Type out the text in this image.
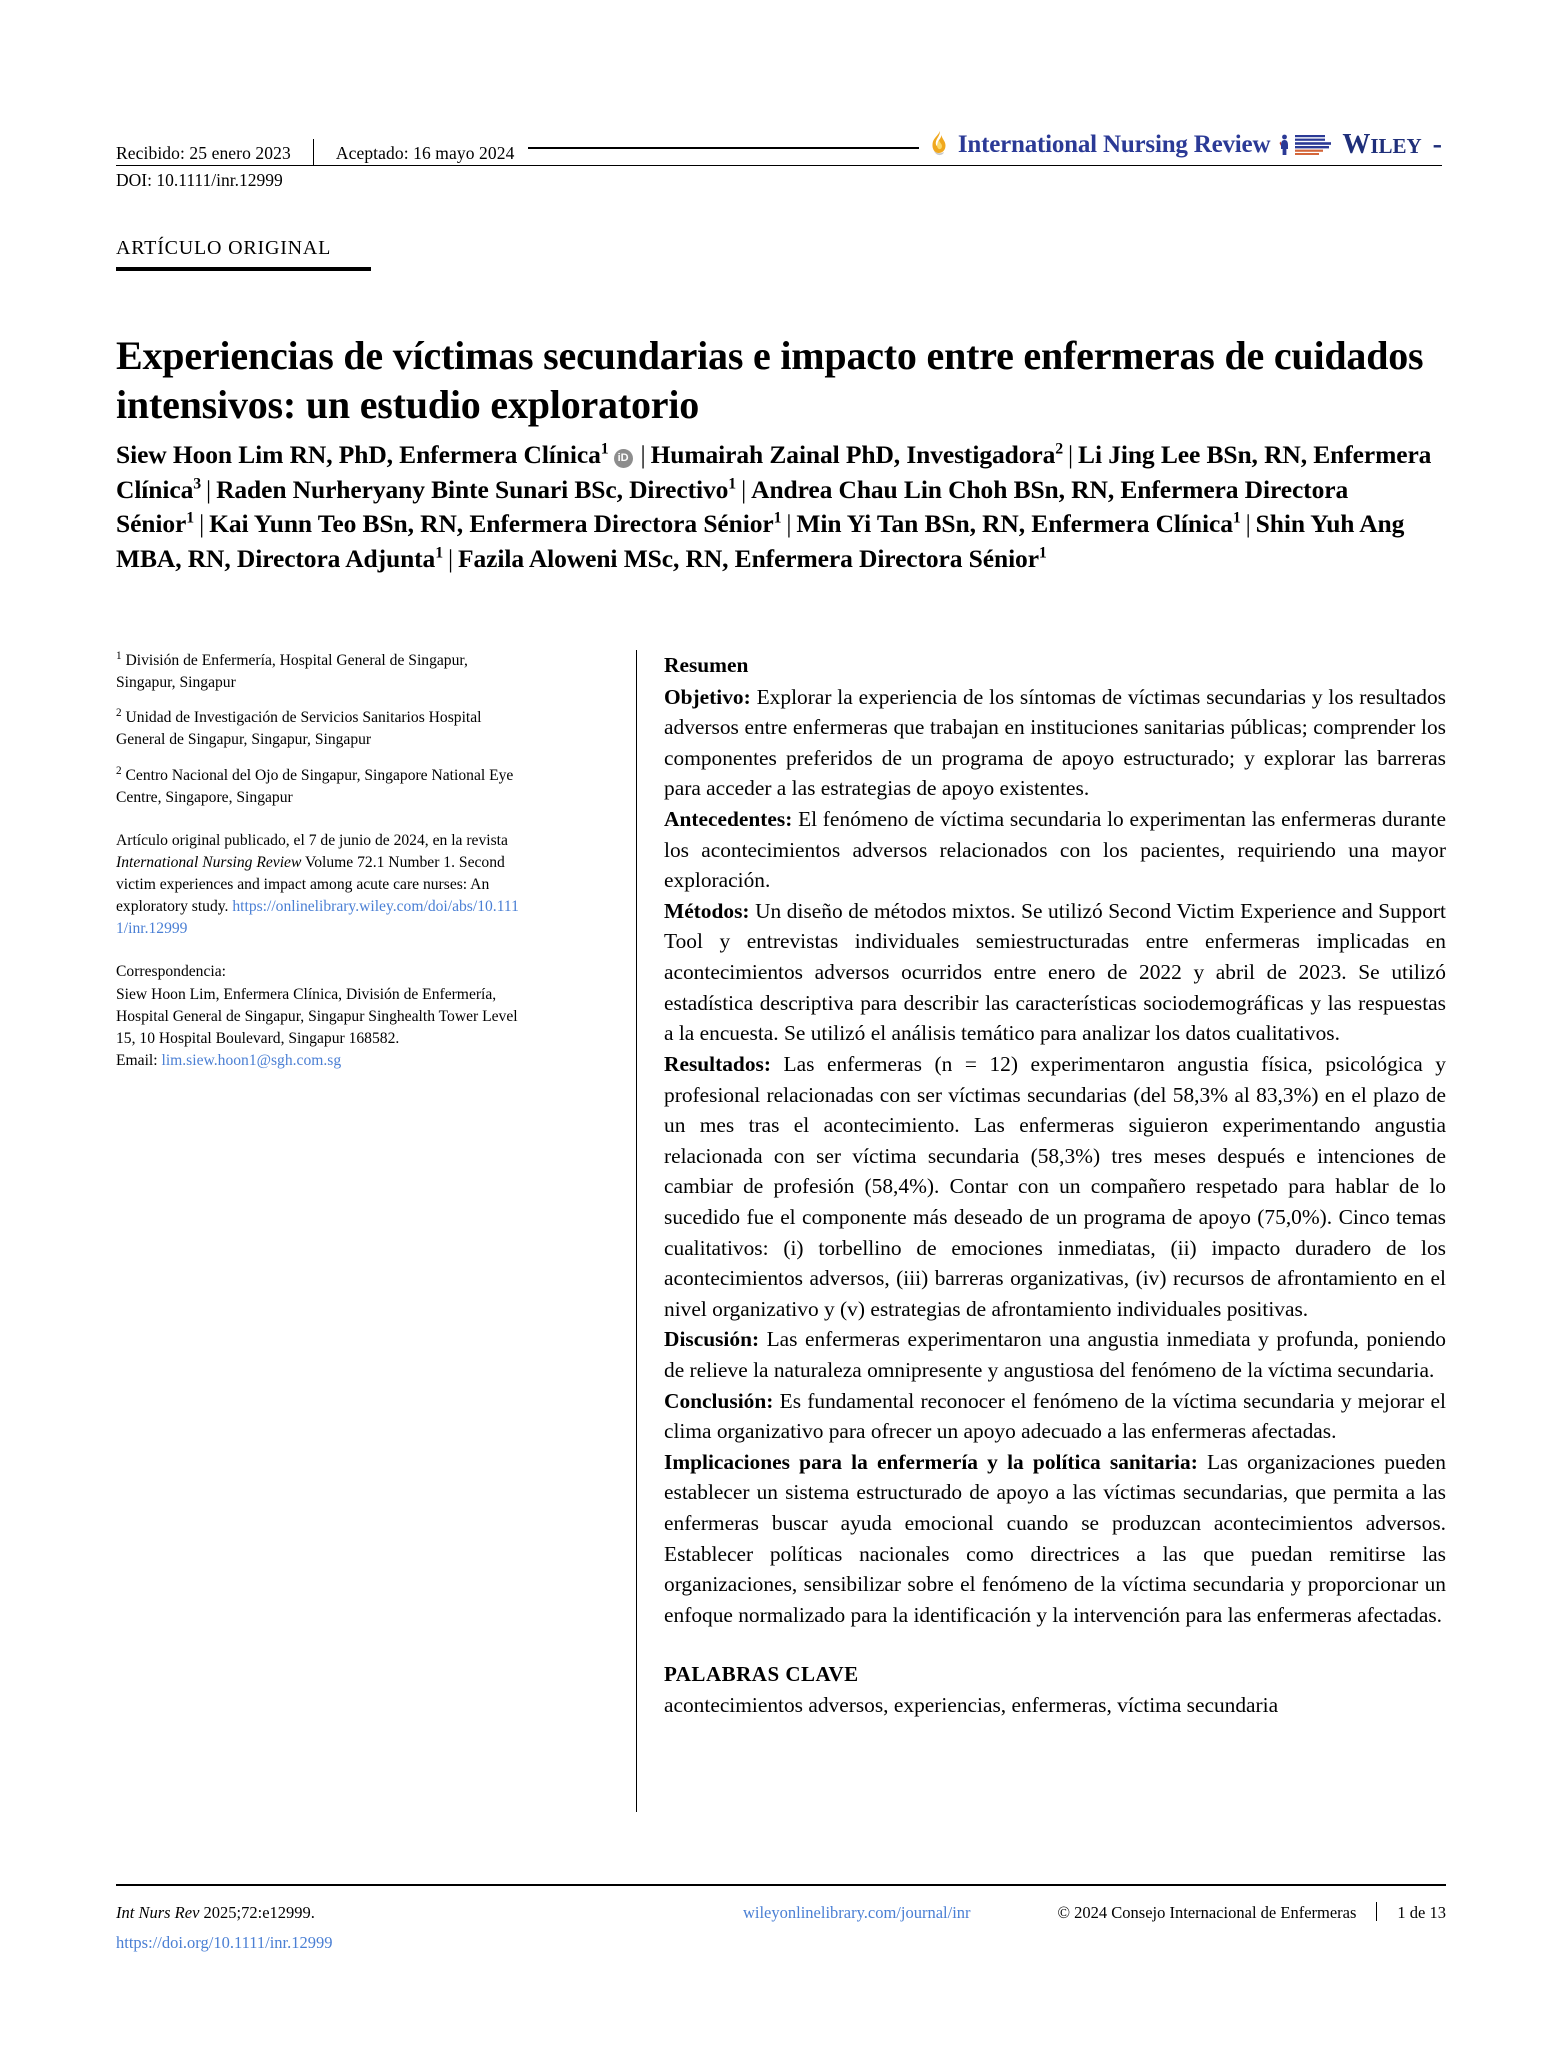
Recibido: 25 enero 2023	Aceptado: 16 mayo 2024	International Nursing Review	WILEY -
DOI: 10.1111/inr.12999
ARTÍCULO ORIGINAL
Experiencias de víctimas secundarias e impacto entre enfermeras de cuidados intensivos: un estudio exploratorio
Siew Hoon Lim RN, PhD, Enfermera Clínica$^1$iD | Humairah Zainal PhD, Investigadora$^2$ | Li Jing Lee BSn, RN, Enfermera Clínica$^3$ | Raden Nurheryany Binte Sunari BSc, Directivo$^1$ | Andrea Chau Lin Choh BSn, RN, Enfermera Directora Sénior$^1$ | Kai Yunn Teo BSn, RN, Enfermera Directora Sénior$^1$ | Min Yi Tan BSn, RN, Enfermera Clínica$^1$ | Shin Yuh Ang MBA, RN, Directora Adjunta$^1$ | Fazila Aloweni MSc, RN, Enfermera Directora Sénior$^1$
$^1$ División de Enfermería, Hospital General de Singapur, Singapur, Singapur
$^2$ Unidad de Investigación de Servicios Sanitarios Hospital General de Singapur, Singapur, Singapur
$^2$ Centro Nacional del Ojo de Singapur, Singapore National Eye Centre, Singapore, Singapur
Artículo original publicado, el 7 de junio de 2024, en la revista International Nursing Review Volume 72.1 Number 1. Second victim experiences and impact among acute care nurses: An exploratory study. https://onlinelibrary.wiley.com/doi/abs/10.1111/inr.12999
Correspondencia:
Siew Hoon Lim, Enfermera Clínica, División de Enfermería, Hospital General de Singapur, Singapur Singhealth Tower Level 15, 10 Hospital Boulevard, Singapur 168582.
Email: lim.siew.hoon1@sgh.com.sg
Resumen

Objetivo: Explorar la experiencia de los síntomas de víctimas secundarias y los resultados adversos entre enfermeras que trabajan en instituciones sanitarias públicas; comprender los componentes preferidos de un programa de apoyo estructurado; y explorar las barreras para acceder a las estrategias de apoyo existentes.

Antecedentes: El fenómeno de víctima secundaria lo experimentan las enfermeras durante los acontecimientos adversos relacionados con los pacientes, requiriendo una mayor exploración.

Métodos: Un diseño de métodos mixtos. Se utilizó Second Victim Experience and Support Tool y entrevistas individuales semiestructuradas entre enfermeras implicadas en acontecimientos adversos ocurridos entre enero de 2022 y abril de 2023. Se utilizó estadística descriptiva para describir las características sociodemográficas y las respuestas a la encuesta. Se utilizó el análisis temático para analizar los datos cualitativos.

Resultados: Las enfermeras (n = 12) experimentaron angustia física, psicológica y profesional relacionadas con ser víctimas secundarias (del 58,3% al 83,3%) en el plazo de un mes tras el acontecimiento. Las enfermeras siguieron experimentando angustia relacionada con ser víctima secundaria (58,3%) tres meses después e intenciones de cambiar de profesión (58,4%). Contar con un compañero respetado para hablar de lo sucedido fue el componente más deseado de un programa de apoyo (75,0%). Cinco temas cualitativos: (i) torbellino de emociones inmediatas, (ii) impacto duradero de los acontecimientos adversos, (iii) barreras organizativas, (iv) recursos de afrontamiento en el nivel organizativo y (v) estrategias de afrontamiento individuales positivas.

Discusión: Las enfermeras experimentaron una angustia inmediata y profunda, poniendo de relieve la naturaleza omnipresente y angustiosa del fenómeno de la víctima secundaria.

Conclusión: Es fundamental reconocer el fenómeno de la víctima secundaria y mejorar el clima organizativo para ofrecer un apoyo adecuado a las enfermeras afectadas.

Implicaciones para la enfermería y la política sanitaria: Las organizaciones pueden establecer un sistema estructurado de apoyo a las víctimas secundarias, que permita a las enfermeras buscar ayuda emocional cuando se produzcan acontecimientos adversos. Establecer políticas nacionales como directrices a las que puedan remitirse las organizaciones, sensibilizar sobre el fenómeno de la víctima secundaria y proporcionar un enfoque normalizado para la identificación y la intervención para las enfermeras afectadas.

PALABRAS CLAVE
acontecimientos adversos, experiencias, enfermeras, víctima secundaria
Int Nurs Rev 2025;72:e12999.
https://doi.org/10.1111/inr.12999
wileyonlinelibrary.com/journal/inr	© 2024 Consejo Internacional de Enfermeras	1 de 13
